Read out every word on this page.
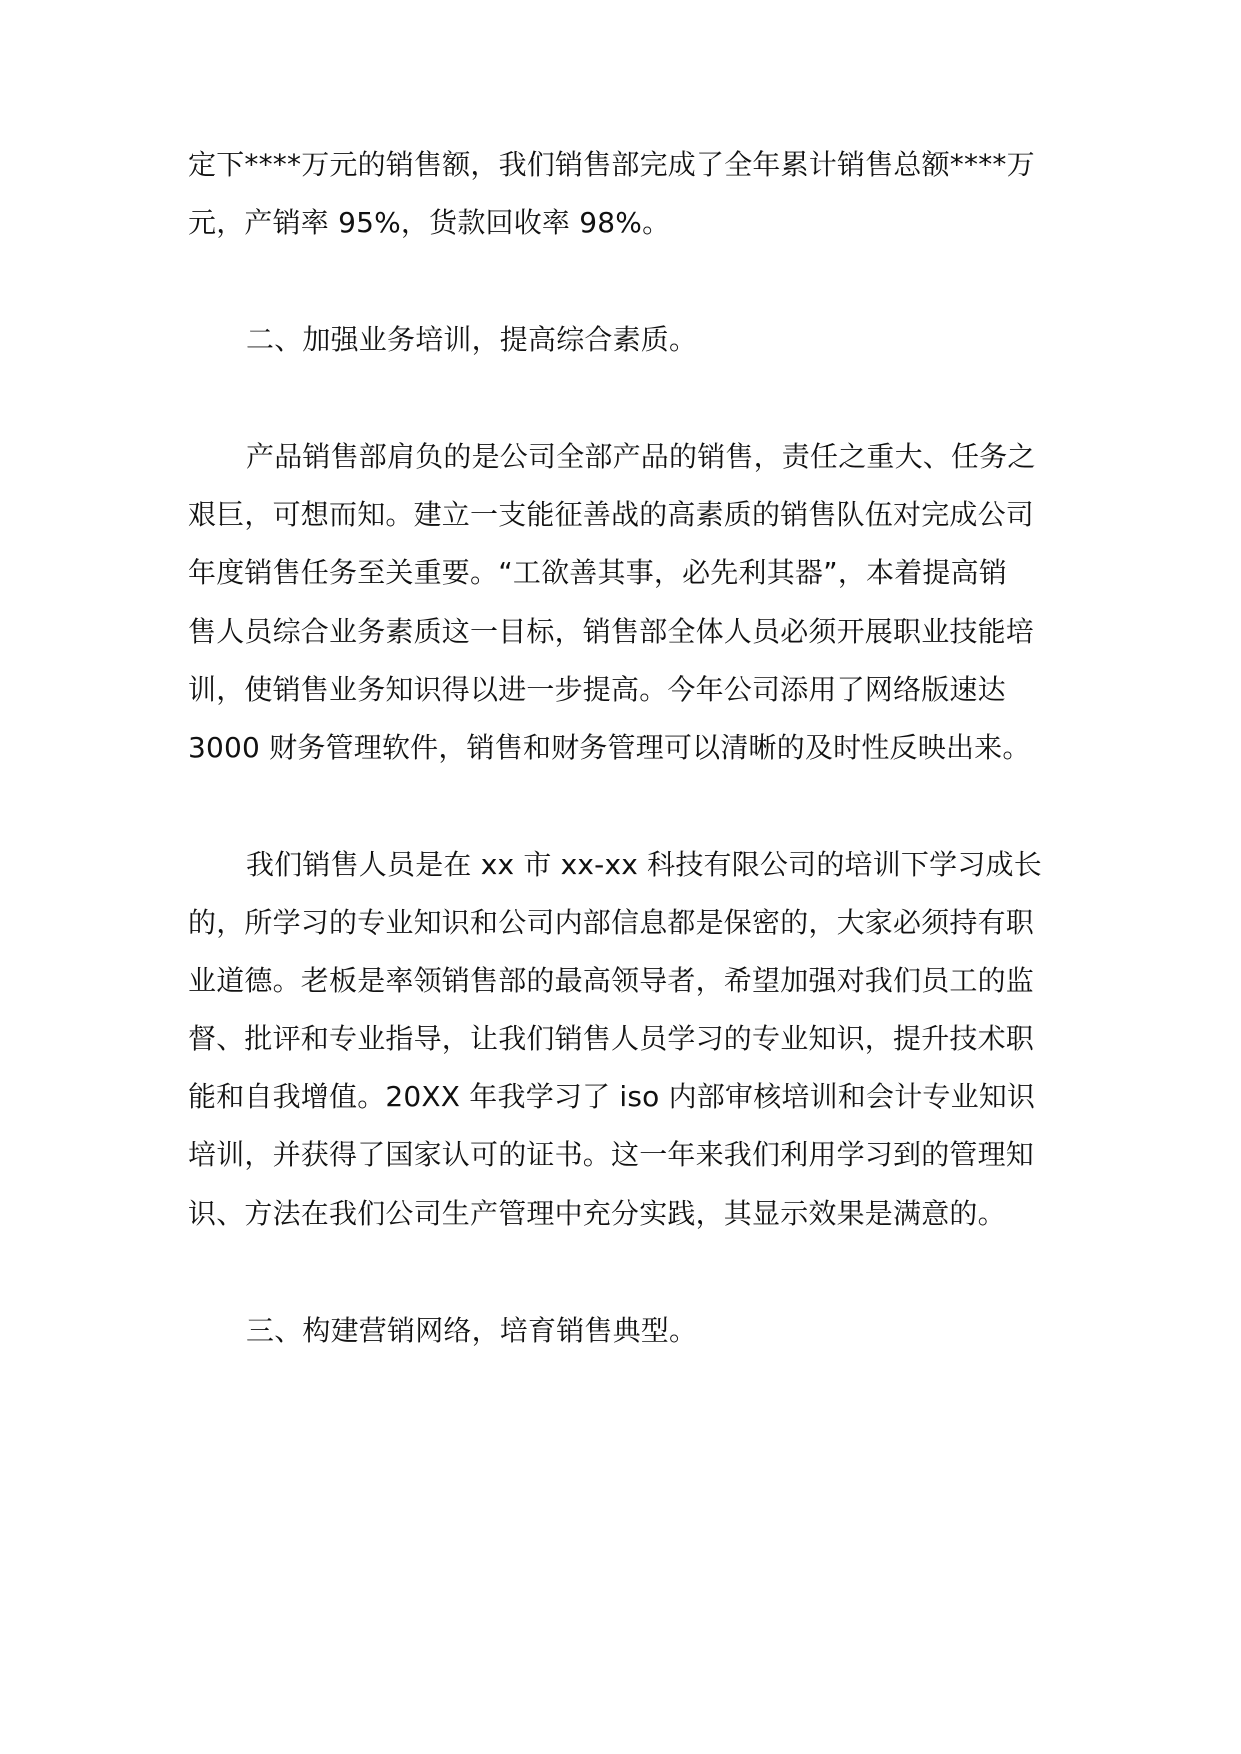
定下****万元的销售额，我们销售部完成了全年累计销售总额****万
元，产销率 95%，货款回收率 98%。
二、加强业务培训，提高综合素质。
产品销售部肩负的是公司全部产品的销售，责任之重大、任务之
艰巨，可想而知。建立一支能征善战的高素质的销售队伍对完成公司
年度销售任务至关重要。“工欲善其事，必先利其器”，本着提高销
售人员综合业务素质这一目标，销售部全体人员必须开展职业技能培
训，使销售业务知识得以进一步提高。今年公司添用了网络版速达
3000 财务管理软件，销售和财务管理可以清晰的及时性反映出来。
我们销售人员是在 xx 市 xx-xx 科技有限公司的培训下学习成长
的，所学习的专业知识和公司内部信息都是保密的，大家必须持有职
业道德。老板是率领销售部的最高领导者，希望加强对我们员工的监
督、批评和专业指导，让我们销售人员学习的专业知识，提升技术职
能和自我增值。20XX 年我学习了 iso 内部审核培训和会计专业知识
培训，并获得了国家认可的证书。这一年来我们利用学习到的管理知
识、方法在我们公司生产管理中充分实践，其显示效果是满意的。
三、构建营销网络，培育销售典型。
